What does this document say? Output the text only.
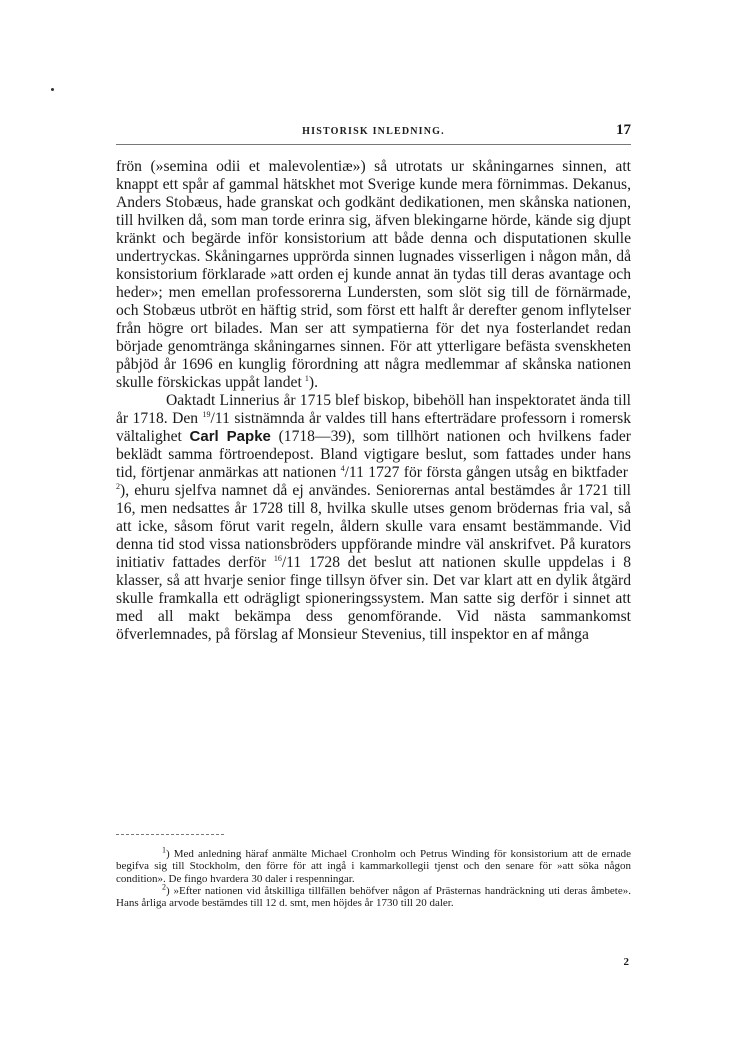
HISTORISK INLEDNING.	17

frön (»semina odii et malevolentiæ») så utrotats ur skåningarnes sinnen, att knappt ett spår af gammal hätskhet mot Sverige kunde mera förnimmas. Dekanus, Anders Stobæus, hade granskat och godkänt dedikationen, men skånska nationen, till hvilken då, som man torde erinra sig, äfven blekingarne hörde, kände sig djupt kränkt och begärde inför konsistorium att både denna och disputationen skulle undertryckas. Skåningarnes upprörda sinnen lugnades visserligen i någon mån, då konsistorium förklarade »att orden ej kunde annat än tydas till deras avantage och heder»; men emellan professorerna Lundersten, som slöt sig till de förnärmade, och Stobæus utbröt en häftig strid, som först ett halft år derefter genom inflytelser från högre ort bilades. Man ser att sympatierna för det nya fosterlandet redan började genomtränga skåningarnes sinnen. För att ytterligare befästa svenskheten påbjöd år 1696 en kunglig förordning att några medlemmar af skånska nationen skulle förskickas uppåt landet  $^1$).

Oaktadt Linnerius år 1715 blef biskop, bibehöll han inspektoratet ända till år 1718. Den $^{19}$/11 sistnämnda år valdes till hans efterträdare professorn i romersk vältalighet Carl Papke (1718—39), som tillhört nationen och hvilkens fader beklädt samma förtroendepost. Bland vigtigare beslut, som fattades under hans tid, förtjenar anmärkas att nationen $^4$/11 1727 för första gången utsåg en biktfader $^2$), ehuru sjelfva namnet då ej användes. Seniorernas antal bestämdes år 1721 till 16, men nedsattes år 1728 till 8, hvilka skulle utses genom brödernas fria val, så att icke, såsom förut varit regeln, åldern skulle vara ensamt bestämmande. Vid denna tid stod vissa nationsbröders uppförande mindre väl anskrifvet. På kurators initiativ fattades derför $^{16}$/11 1728 det beslut att nationen skulle uppdelas i 8 klasser, så att hvarje senior finge tillsyn öfver sin. Det var klart att en dylik åtgärd skulle framkalla ett odrägligt spioneringssystem. Man satte sig derför i sinnet att med all makt bekämpa dess genomförande. Vid nästa sammankomst öfverlemnades, på förslag af Monsieur Stevenius, till inspektor en af många

$^1$) Med anledning häraf anmälte Michael Cronholm och Petrus Winding för konsistorium att de ernade begifva sig till Stockholm, den förre för att ingå i kammarkollegii tjenst och den senare för »att söka någon condition». De fingo hvardera 30 daler i respenningar.

$^2$) »Efter nationen vid åtskilliga tillfällen behöfver någon af Prästernas handräckning uti deras åmbete». Hans årliga arvode bestämdes till 12 d. smt, men höjdes år 1730 till 20 daler.

2
